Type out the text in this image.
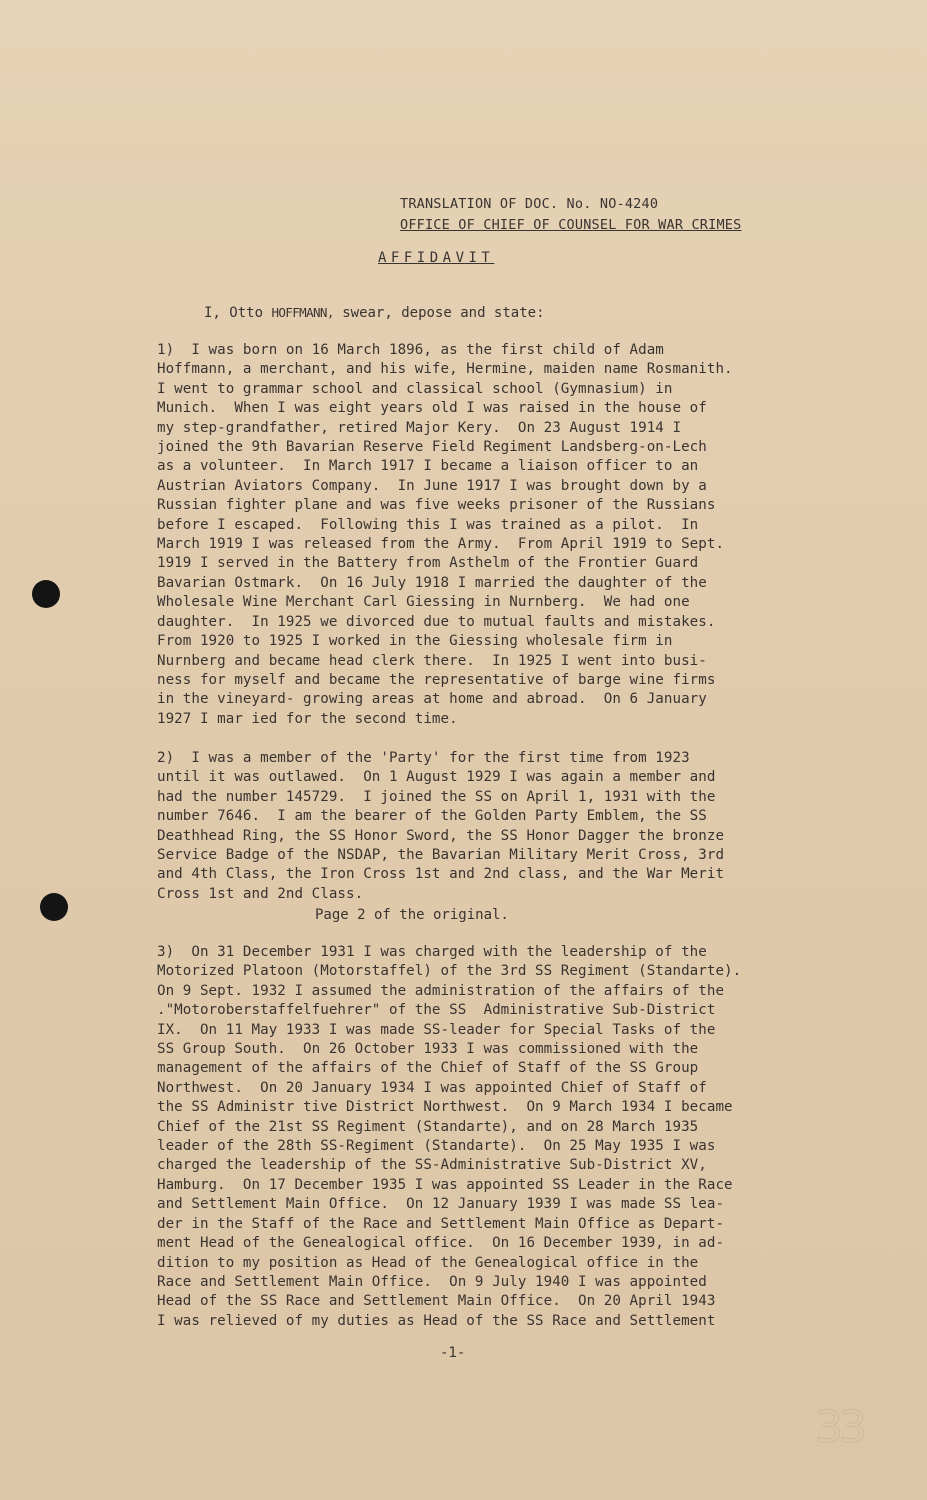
TRANSLATION OF DOC. No. NO-4240
OFFICE OF CHIEF OF COUNSEL FOR WAR CRIMES
AFFIDAVIT
I, Otto HOFFMANN, swear, depose and state:
1)  I was born on 16 March 1896, as the first child of Adam
Hoffmann, a merchant, and his wife, Hermine, maiden name Rosmanith.
I went to grammar school and classical school (Gymnasium) in
Munich.  When I was eight years old I was raised in the house of
my step-grandfather, retired Major Kery.  On 23 August 1914 I
joined the 9th Bavarian Reserve Field Regiment Landsberg-on-Lech
as a volunteer.  In March 1917 I became a liaison officer to an
Austrian Aviators Company.  In June 1917 I was brought down by a
Russian fighter plane and was five weeks prisoner of the Russians
before I escaped.  Following this I was trained as a pilot.  In
March 1919 I was released from the Army.  From April 1919 to Sept.
1919 I served in the Battery from Asthelm of the Frontier Guard
Bavarian Ostmark.  On 16 July 1918 I married the daughter of the
Wholesale Wine Merchant Carl Giessing in Nurnberg.  We had one
daughter.  In 1925 we divorced due to mutual faults and mistakes.
From 1920 to 1925 I worked in the Giessing wholesale firm in
Nurnberg and became head clerk there.  In 1925 I went into busi-
ness for myself and became the representative of barge wine firms
in the vineyard- growing areas at home and abroad.  On 6 January
1927 I mar ied for the second time.
2)  I was a member of the 'Party' for the first time from 1923
until it was outlawed.  On 1 August 1929 I was again a member and
had the number 145729.  I joined the SS on April 1, 1931 with the
number 7646.  I am the bearer of the Golden Party Emblem, the SS
Deathhead Ring, the SS Honor Sword, the SS Honor Dagger the bronze
Service Badge of the NSDAP, the Bavarian Military Merit Cross, 3rd
and 4th Class, the Iron Cross 1st and 2nd class, and the War Merit
Cross 1st and 2nd Class.
Page 2 of the original.
3)  On 31 December 1931 I was charged with the leadership of the
Motorized Platoon (Motorstaffel) of the 3rd SS Regiment (Standarte).
On 9 Sept. 1932 I assumed the administration of the affairs of the
."Motoroberstaffelfuehrer" of the SS  Administrative Sub-District
IX.  On 11 May 1933 I was made SS-leader for Special Tasks of the
SS Group South.  On 26 October 1933 I was commissioned with the
management of the affairs of the Chief of Staff of the SS Group
Northwest.  On 20 January 1934 I was appointed Chief of Staff of
the SS Administr tive District Northwest.  On 9 March 1934 I became
Chief of the 21st SS Regiment (Standarte), and on 28 March 1935
leader of the 28th SS-Regiment (Standarte).  On 25 May 1935 I was
charged the leadership of the SS-Administrative Sub-District XV,
Hamburg.  On 17 December 1935 I was appointed SS Leader in the Race
and Settlement Main Office.  On 12 January 1939 I was made SS lea-
der in the Staff of the Race and Settlement Main Office as Depart-
ment Head of the Genealogical office.  On 16 December 1939, in ad-
dition to my position as Head of the Genealogical office in the
Race and Settlement Main Office.  On 9 July 1940 I was appointed
Head of the SS Race and Settlement Main Office.  On 20 April 1943
I was relieved of my duties as Head of the SS Race and Settlement
-1-
33
